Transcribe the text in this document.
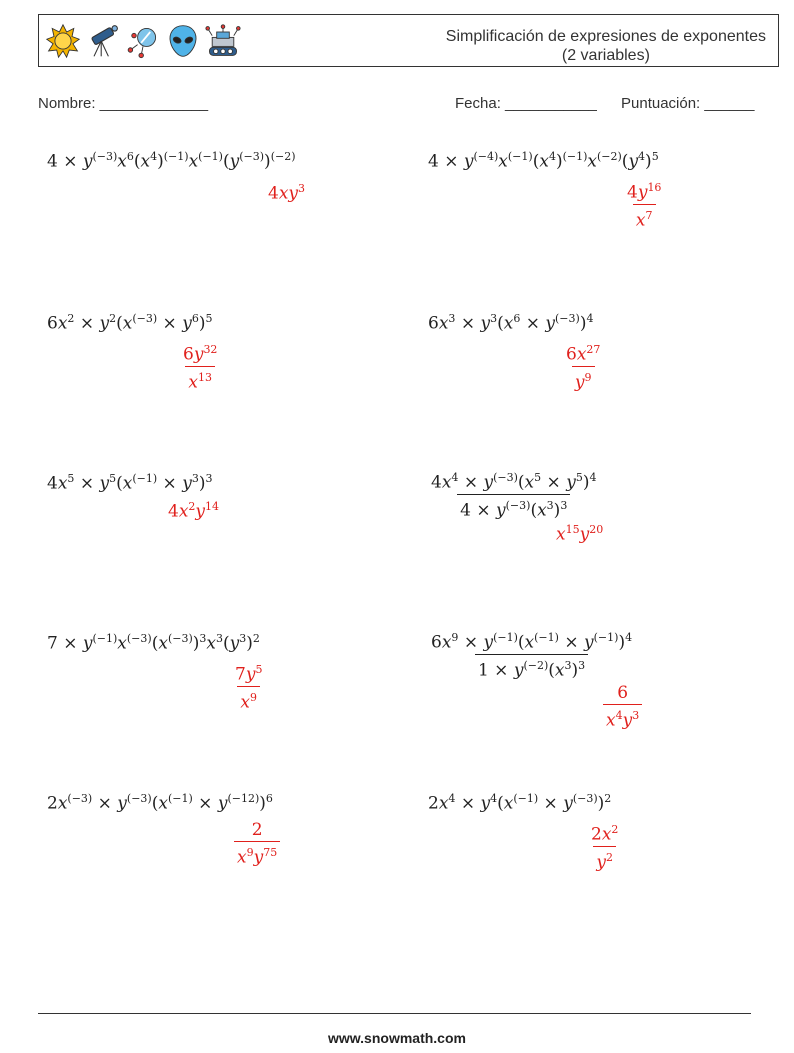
Simplificación de expresiones de exponentes
(2 variables)
Nombre: _____________	Fecha: ___________ Puntuación: ______
$4 \times y^{(-3)}x^6(x^4)^{(-1)}x^{(-1)}(y^{(-3)})^{(-2)}$
$4xy^3$
$4 \times y^{(-4)}x^{(-1)}(x^4)^{(-1)}x^{(-2)}(y^4)^5$
$\frac{4y^{16}}{x^7}$
$6x^2 \times y^2(x^{(-3)} \times y^6)^5$
$\frac{6y^{32}}{x^{13}}$
$6x^3 \times y^3(x^6 \times y^{(-3)})^4$
$\frac{6x^{27}}{y^9}$
$4x^5 \times y^5(x^{(-1)} \times y^3)^3$
$4x^2y^{14}$	$\frac{4x^4 \times y^{(-3)}(x^5 \times y^5)^4}{4 \times y^{(-3)}(x^3)^3}$
$x^{15}y^{20}$
$7 \times y^{(-1)}x^{(-3)}(x^{(-3)})^3x^3(y^3)^2$
$\frac{7y^5}{x^9}$
$\frac{6x^9 \times y^{(-1)}(x^{(-1)} \times y^{(-1)})^4}{1 \times y^{(-2)}(x^3)^3}$
$\frac{6}{x^4y^3}$
$2x^{(-3)} \times y^{(-3)}(x^{(-1)} \times y^{(-12)})^6$
$\frac{2}{x^9y^{75}}$
$2x^4 \times y^4(x^{(-1)} \times y^{(-3)})^2$
$\frac{2x^2}{y^2}$
www.snowmath.com
